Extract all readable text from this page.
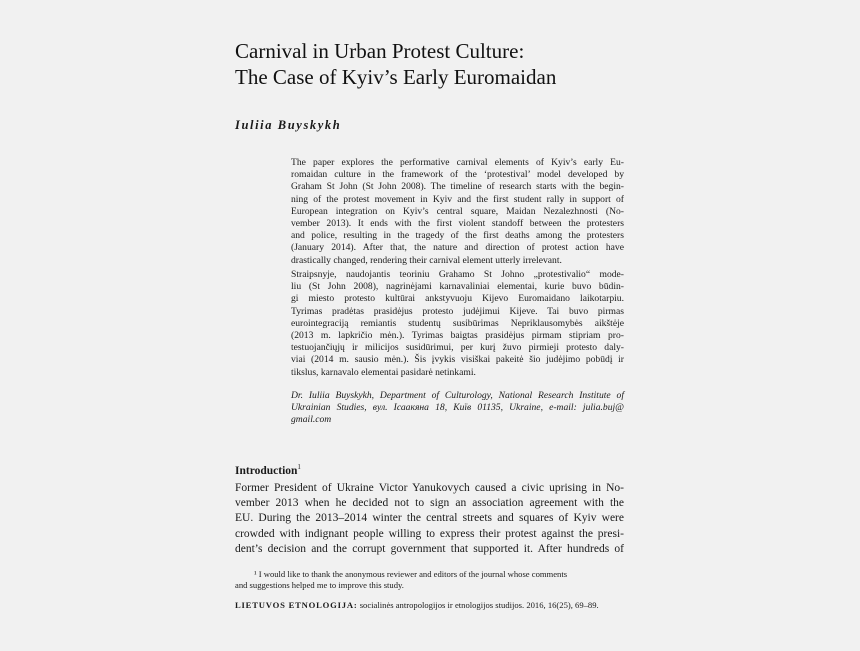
Carnival in Urban Protest Culture:
The Case of Kyiv’s Early Euromaidan
Iuliia Buyskykh
The paper explores the performative carnival elements of Kyiv’s early Eu-
romaidan culture in the framework of the ‘protestival’ model developed by
Graham St John (St John 2008). The timeline of research starts with the begin-
ning of the protest movement in Kyiv and the first student rally in support of
European integration on Kyiv’s central square, Maidan Nezalezhnosti (No-
vember 2013). It ends with the first violent standoff between the protesters
and police, resulting in the tragedy of the first deaths among the protesters
(January 2014). After that, the nature and direction of protest action have
drastically changed, rendering their carnival element utterly irrelevant.
Straipsnyje, naudojantis teoriniu Grahamo St Johno „protestivalio“ mode-
liu (St John 2008), nagrinėjami karnavaliniai elementai, kurie buvo būdin-
gi miesto protesto kultūrai ankstyvuoju Kijevo Euromaidano laikotarpiu.
Tyrimas pradėtas prasidėjus protesto judėjimui Kijeve. Tai buvo pirmas
eurointegraciją remiantis studentų susibūrimas Nepriklausomybės aikštėje
(2013 m. lapkričio mėn.). Tyrimas baigtas prasidėjus pirmam stipriam pro-
testuojančiųjų ir milicijos susidūrimui, per kurį žuvo pirmieji protesto daly-
viai (2014 m. sausio mėn.). Šis įvykis visiškai pakeitė šio judėjimo pobūdį ir
tikslus, karnavalo elementai pasidarė netinkami.
Dr. Iuliia Buyskykh, Department of Culturology, National Research Institute of
Ukrainian Studies, вул. Ісаакяна 18, Київ 01135, Ukraine, e-mail: julia.buj@
gmail.com
Introduction$^1$
Former President of Ukraine Victor Yanukovych caused a civic uprising in No-
vember 2013 when he decided not to sign an association agreement with the
EU. During the 2013–2014 winter the central streets and squares of Kyiv were
crowded with indignant people willing to express their protest against the presi-
dent’s decision and the corrupt government that supported it. After hundreds of
¹ I would like to thank the anonymous reviewer and editors of the journal whose comments
and suggestions helped me to improve this study.
LIETUVOS ETNOLOGIJA: socialinės antropologijos ir etnologijos studijos. 2016, 16(25), 69–89.
